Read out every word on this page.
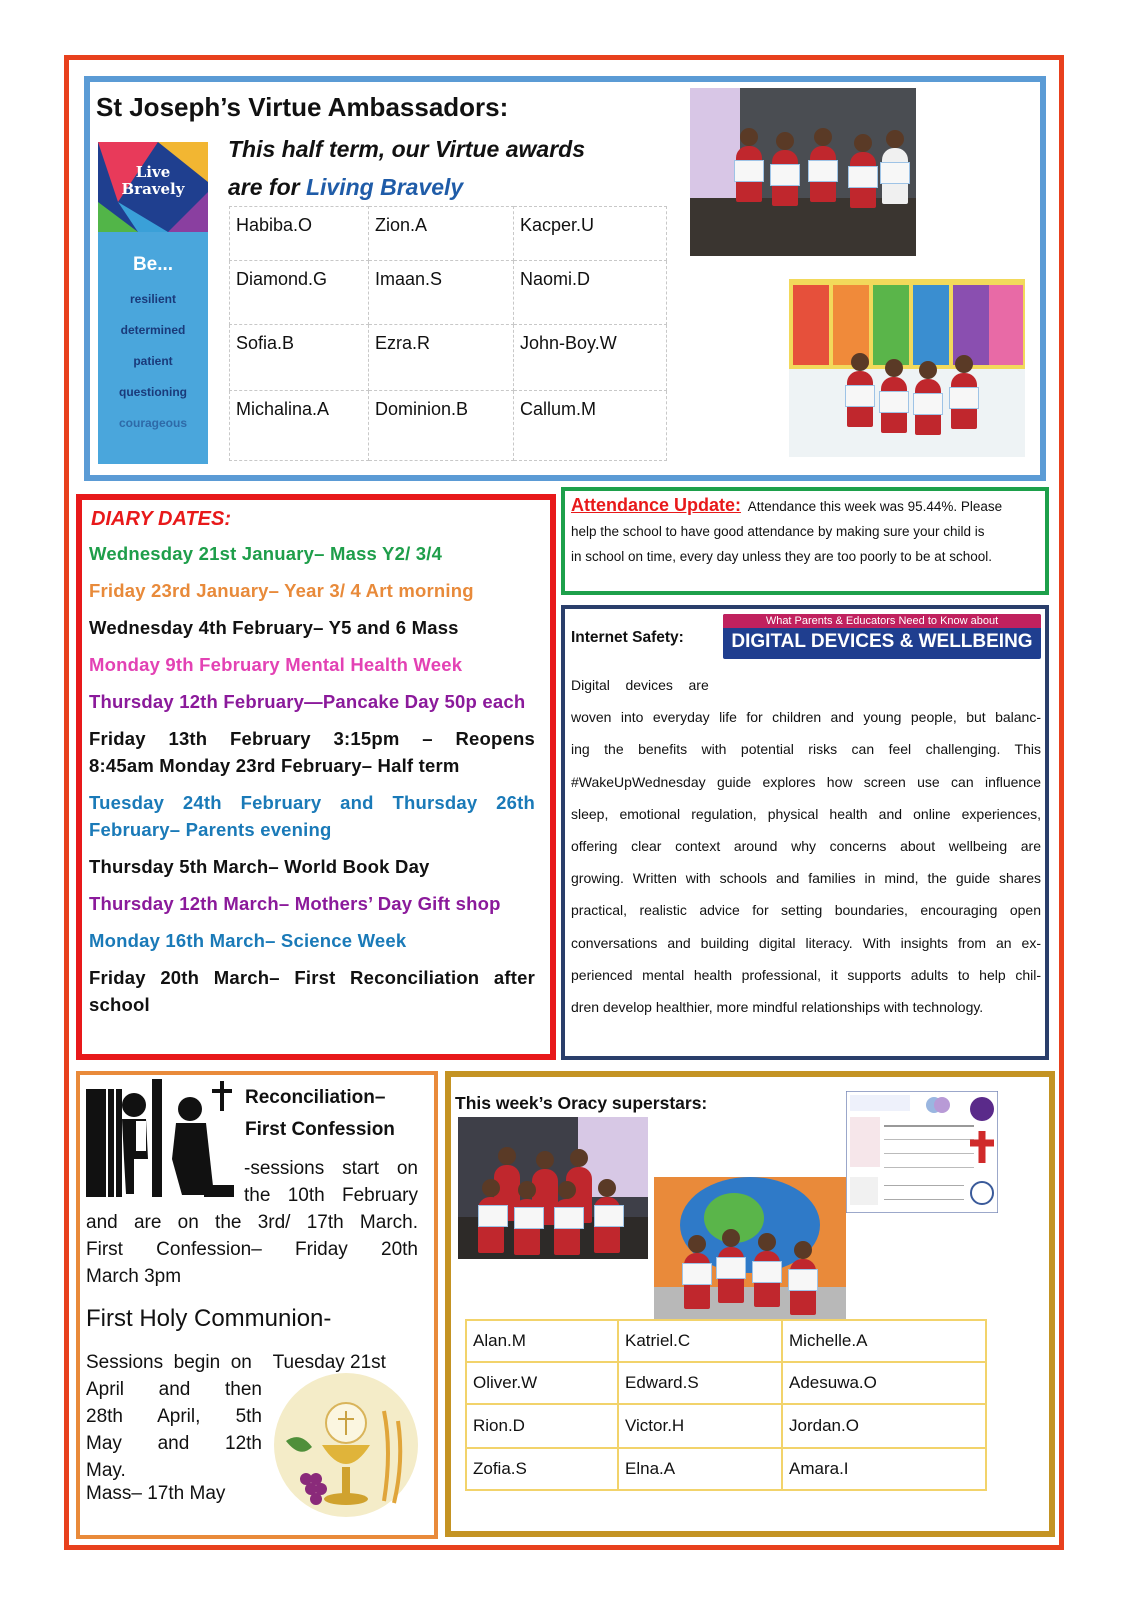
St Joseph’s Virtue Ambassadors:
This half term, our Virtue awards
are for Living Bravely
Live Bravely
Be...
resilient
determined
patient
questioning
courageous
Habiba.O	Zion.A	Kacper.U
Diamond.G	Imaan.S	Naomi.D
Sofia.B	Ezra.R	John-Boy.W
Michalina.A	Dominion.B	Callum.M
DIARY DATES:
Wednesday 21st January– Mass Y2/ 3/4
Friday 23rd January– Year 3/ 4 Art morning
Wednesday 4th February– Y5 and 6 Mass
Monday 9th February Mental Health Week
Thursday 12th February—Pancake Day 50p each
Friday 13th February 3:15pm – Reopens
8:45am Monday 23rd February– Half term
Tuesday 24th February and Thursday 26th
February– Parents evening
Thursday 5th March– World Book Day
Thursday 12th March– Mothers’ Day Gift shop
Monday 16th March– Science Week
Friday 20th March– First Reconciliation after
school
Attendance Update: Attendance this week was 95.44%. Please
help the school to have good attendance by making sure your child is
in school on time, every day unless they are too poorly to be at school.
Internet Safety:
What Parents & Educators Need to Know about
DIGITAL DEVICES & WELLBEING
Digital    devices    are
woven into everyday life for children and young people, but balanc-
ing the benefits with potential risks can feel challenging. This
#WakeUpWednesday guide explores how screen use can influence
sleep, emotional regulation, physical health and online experiences,
offering clear context around why concerns about wellbeing are
growing. Written with schools and families in mind, the guide shares
practical, realistic advice for setting boundaries, encouraging open
conversations and building digital literacy. With insights from an ex-
perienced mental health professional, it supports adults to help chil-
dren develop healthier, more mindful relationships with technology.
Reconciliation–
First Confession
-sessions  start  on
the  10th  February
and  are  on  the  3rd/  17th  March.
First    Confession–    Friday    20th
March 3pm
First Holy Communion-
Sessions  begin  on    Tuesday 21st
April      and      then
28th      April,      5th
May      and      12th
May.
Mass– 17th May
This week’s Oracy superstars:
Alan.M	Katriel.C	Michelle.A
Oliver.W	Edward.S	Adesuwa.O
Rion.D	Victor.H	Jordan.O
Zofia.S	Elna.A	Amara.I
